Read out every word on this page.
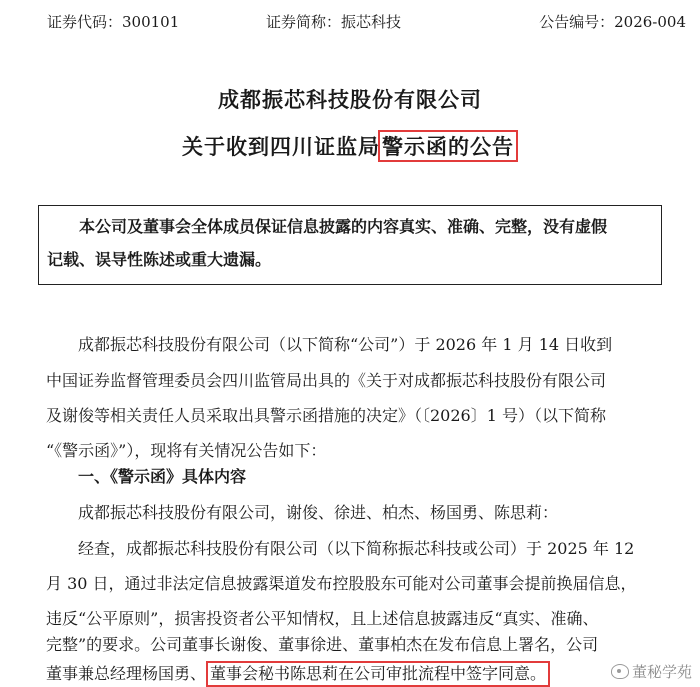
证券代码：300101	证券简称：振芯科技	公告编号：2026-004
成都振芯科技股份有限公司
关于收到四川证监局警示函的公告
本公司及董事会全体成员保证信息披露的内容真实、准确、完整，没有虚假
记载、误导性陈述或重大遗漏。
成都振芯科技股份有限公司（以下简称“公司”）于 2026 年 1 月 14 日收到
中国证券监督管理委员会四川监管局出具的《关于对成都振芯科技股份有限公司
及谢俊等相关责任人员采取出具警示函措施的决定》（〔2026〕1 号）（以下简称
“《警示函》”），现将有关情况公告如下：
一、《警示函》具体内容
成都振芯科技股份有限公司，谢俊、徐进、柏杰、杨国勇、陈思莉：
经查，成都振芯科技股份有限公司（以下简称振芯科技或公司）于 2025 年 12
月 30 日，通过非法定信息披露渠道发布控股股东可能对公司董事会提前换届信息，
违反“公平原则”，损害投资者公平知情权，且上述信息披露违反“真实、准确、
完整”的要求。公司董事长谢俊、董事徐进、董事柏杰在发布信息上署名，公司
董事兼总经理杨国勇、 董事会秘书陈思莉在公司审批流程中签字同意。	董秘学苑
